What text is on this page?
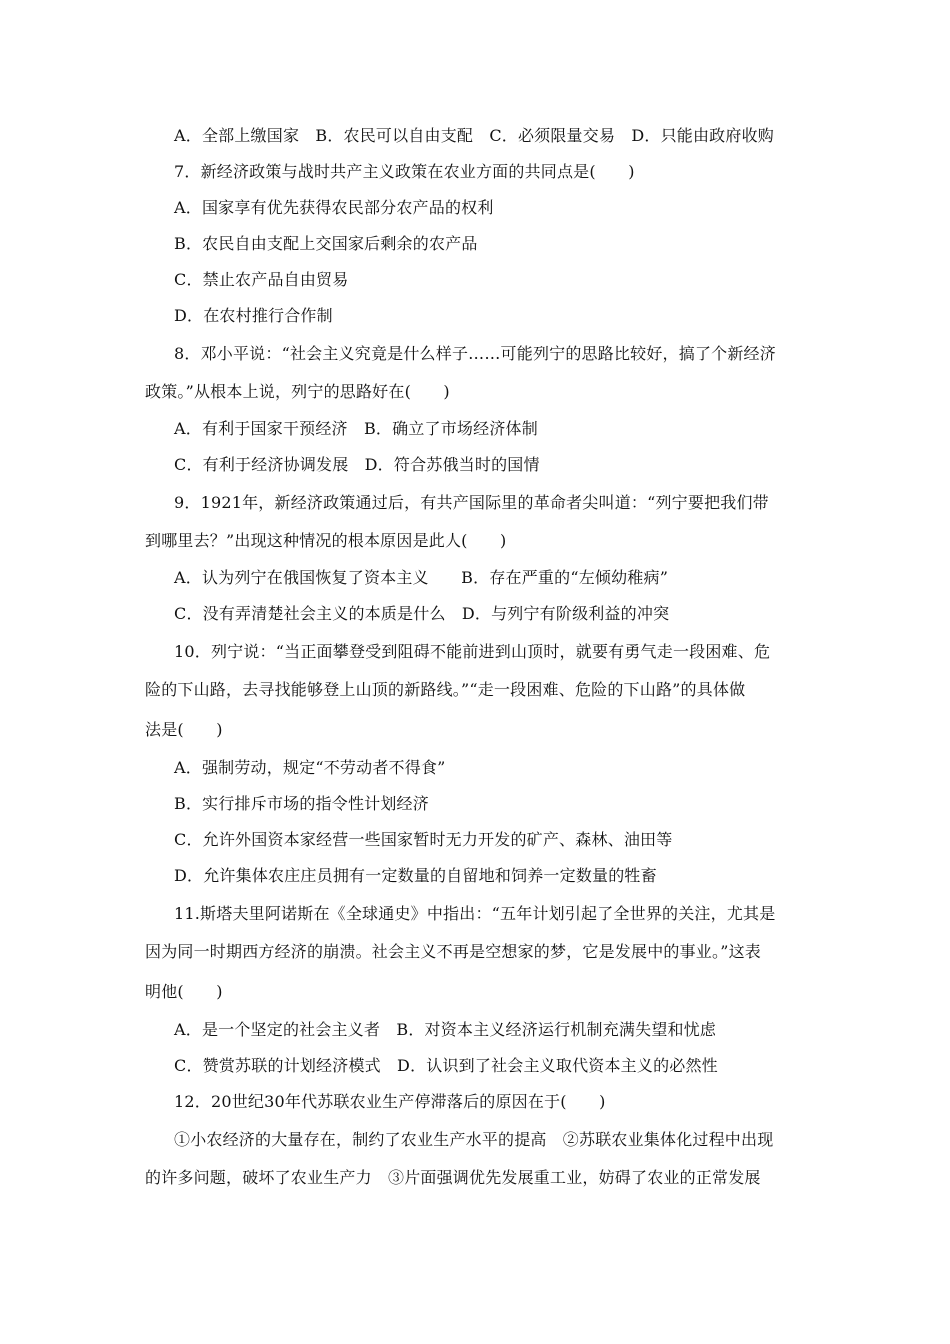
A．全部上缴国家　B．农民可以自由支配　C．必须限量交易　D．只能由政府收购
7．新经济政策与战时共产主义政策在农业方面的共同点是(　　)
A．国家享有优先获得农民部分农产品的权利
B．农民自由支配上交国家后剩余的农产品
C．禁止农产品自由贸易
D．在农村推行合作制
8．邓小平说：“社会主义究竟是什么样子……可能列宁的思路比较好，搞了个新经济
政策。”从根本上说，列宁的思路好在(　　)
A．有利于国家干预经济　B．确立了市场经济体制
C．有利于经济协调发展　D．符合苏俄当时的国情
9．1921年，新经济政策通过后，有共产国际里的革命者尖叫道：“列宁要把我们带
到哪里去？”出现这种情况的根本原因是此人(　　)
A．认为列宁在俄国恢复了资本主义　　B．存在严重的“左倾幼稚病”
C．没有弄清楚社会主义的本质是什么　D．与列宁有阶级利益的冲突
10．列宁说：“当正面攀登受到阻碍不能前进到山顶时，就要有勇气走一段困难、危
险的下山路，去寻找能够登上山顶的新路线。”“走一段困难、危险的下山路”的具体做
法是(　　)
A．强制劳动，规定“不劳动者不得食”
B．实行排斥市场的指令性计划经济
C．允许外国资本家经营一些国家暂时无力开发的矿产、森林、油田等
D．允许集体农庄庄员拥有一定数量的自留地和饲养一定数量的牲畜
11.斯塔夫里阿诺斯在《全球通史》中指出：“五年计划引起了全世界的关注，尤其是
因为同一时期西方经济的崩溃。社会主义不再是空想家的梦，它是发展中的事业。”这表
明他(　　)
A．是一个坚定的社会主义者　B．对资本主义经济运行机制充满失望和忧虑
C．赞赏苏联的计划经济模式　D．认识到了社会主义取代资本主义的必然性
12．20世纪30年代苏联农业生产停滞落后的原因在于(　　)
①小农经济的大量存在，制约了农业生产水平的提高　②苏联农业集体化过程中出现
的许多问题，破坏了农业生产力　③片面强调优先发展重工业，妨碍了农业的正常发展
